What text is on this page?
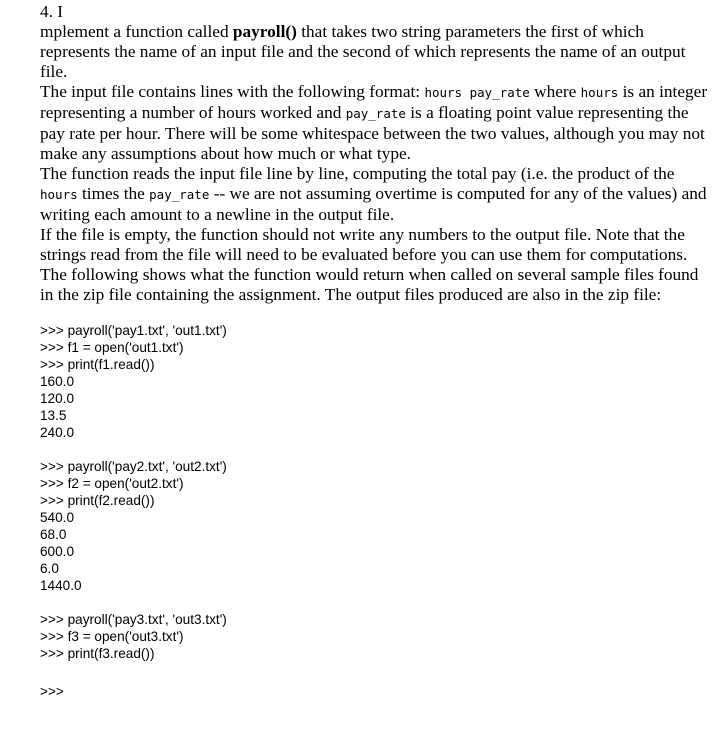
4. I

mplement a function called payroll() that takes two string parameters the first of which represents the name of an input file and the second of which represents the name of an output file.

The input file contains lines with the following format: hours pay_rate where hours is an integer representing a number of hours worked and pay_rate is a floating point value representing the pay rate per hour. There will be some whitespace between the two values, although you may not make any assumptions about how much or what type.

The function reads the input file line by line, computing the total pay (i.e. the product of the hours times the pay_rate -- we are not assuming overtime is computed for any of the values) and writing each amount to a newline in the output file.

If the file is empty, the function should not write any numbers to the output file. Note that the strings read from the file will need to be evaluated before you can use them for computations. The following shows what the function would return when called on several sample files found in the zip file containing the assignment. The output files produced are also in the zip file:

>>> payroll('pay1.txt', 'out1.txt')
>>> f1 = open('out1.txt')
>>> print(f1.read())
160.0
120.0
13.5
240.0
>>> payroll('pay2.txt', 'out2.txt')
>>> f2 = open('out2.txt')
>>> print(f2.read())
540.0
68.0
600.0
6.0
1440.0
>>> payroll('pay3.txt', 'out3.txt')
>>> f3 = open('out3.txt')
>>> print(f3.read())
>>>
